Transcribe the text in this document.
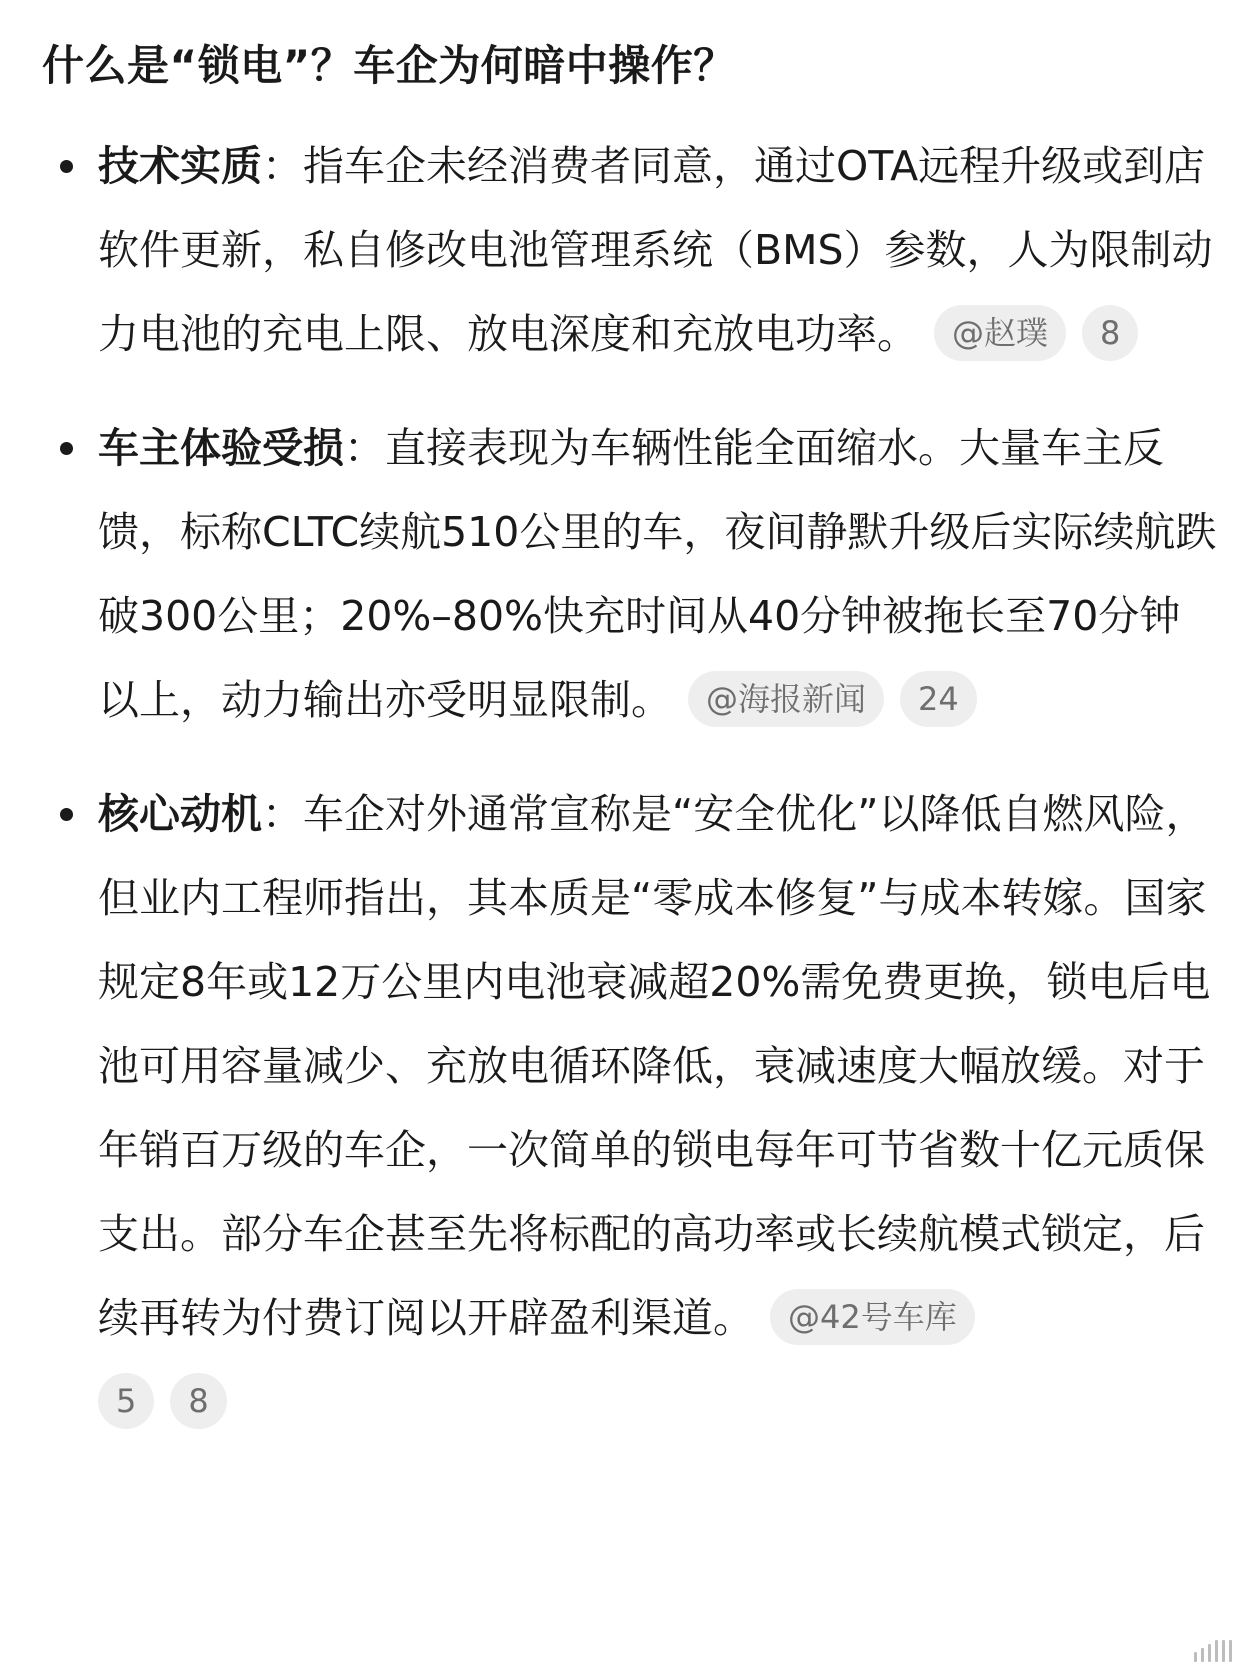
什么是“锁电”？车企为何暗中操作？
技术实质：指车企未经消费者同意，通过OTA远程升级或到店软件更新，私自修改电池管理系统（BMS）参数，人为限制动力电池的充电上限、放电深度和充放电功率。 @赵璞 8
车主体验受损：直接表现为车辆性能全面缩水。大量车主反馈，标称CLTC续航510公里的车，夜间静默升级后实际续航跌破300公里；20%–80%快充时间从40分钟被拖长至70分钟以上，动力输出亦受明显限制。 @海报新闻 24
核心动机：车企对外通常宣称是“安全优化”以降低自燃风险，但业内工程师指出，其本质是“零成本修复”与成本转嫁。国家规定8年或12万公里内电池衰减超20%需免费更换，锁电后电池可用容量减少、充放电循环降低，衰减速度大幅放缓。对于年销百万级的车企，一次简单的锁电每年可节省数十亿元质保支出。部分车企甚至先将标配的高功率或长续航模式锁定，后续再转为付费订阅以开辟盈利渠道。 @42号车库
5 8
